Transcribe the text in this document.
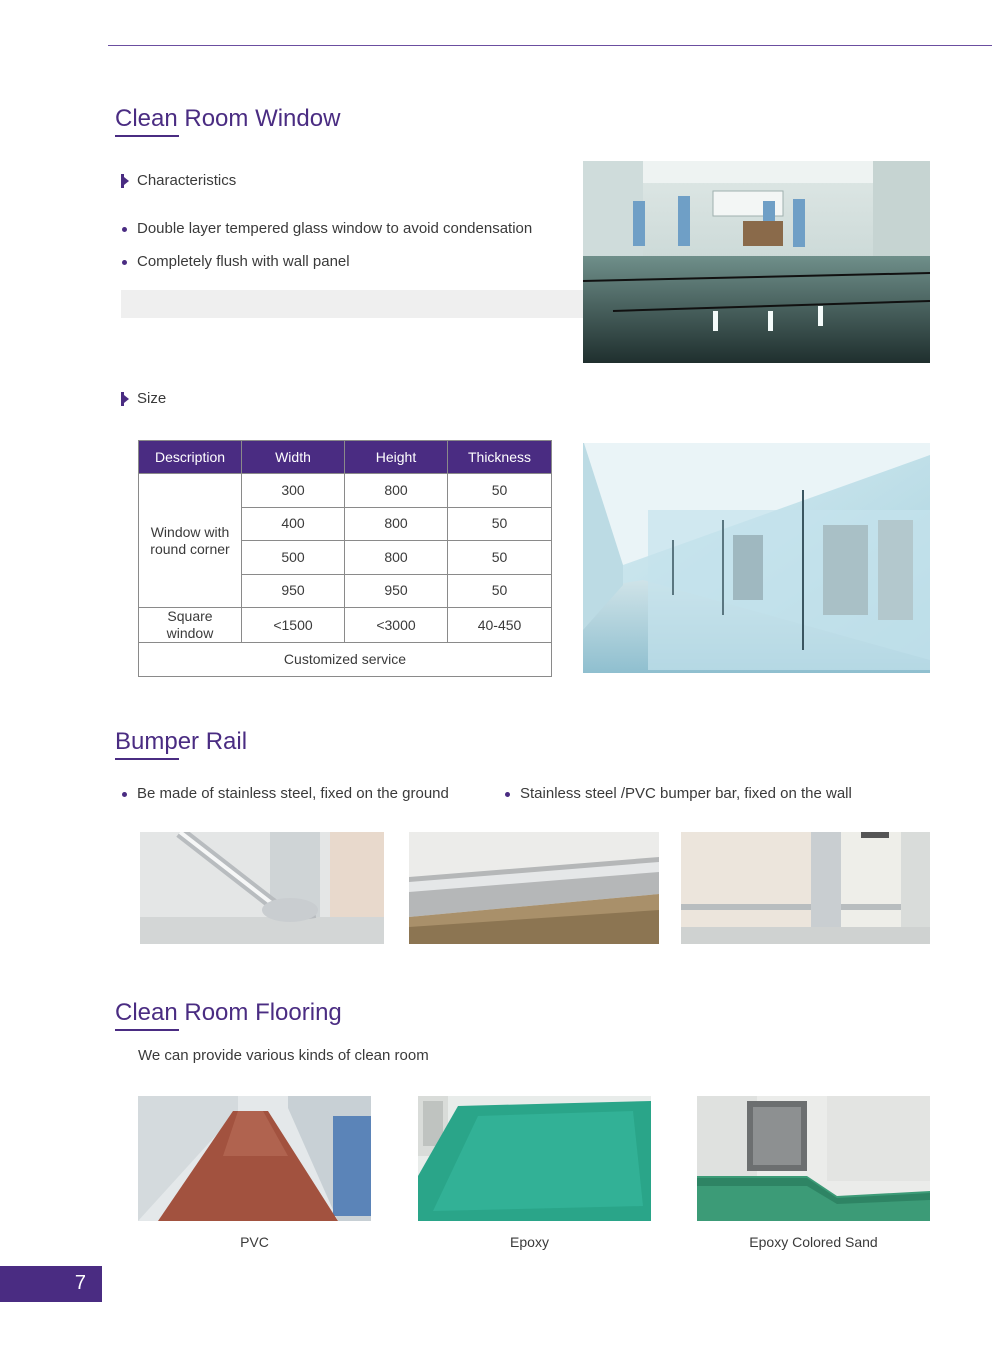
Clean Room Window
Characteristics
Double layer tempered glass window to avoid condensation
Completely flush with wall panel
Size
Description	Width	Height	Thickness
Window with round corner	300	800	50
	400	800	50
	500	800	50
	950	950	50
Square window	<1500	<3000	40-450
Customized service			
Bumper Rail
Be made of stainless steel, fixed on the ground	Stainless steel /PVC bumper bar, fixed on the wall
Clean Room Flooring
We can provide various kinds of clean room
PVC	Epoxy	Epoxy Colored Sand
7
